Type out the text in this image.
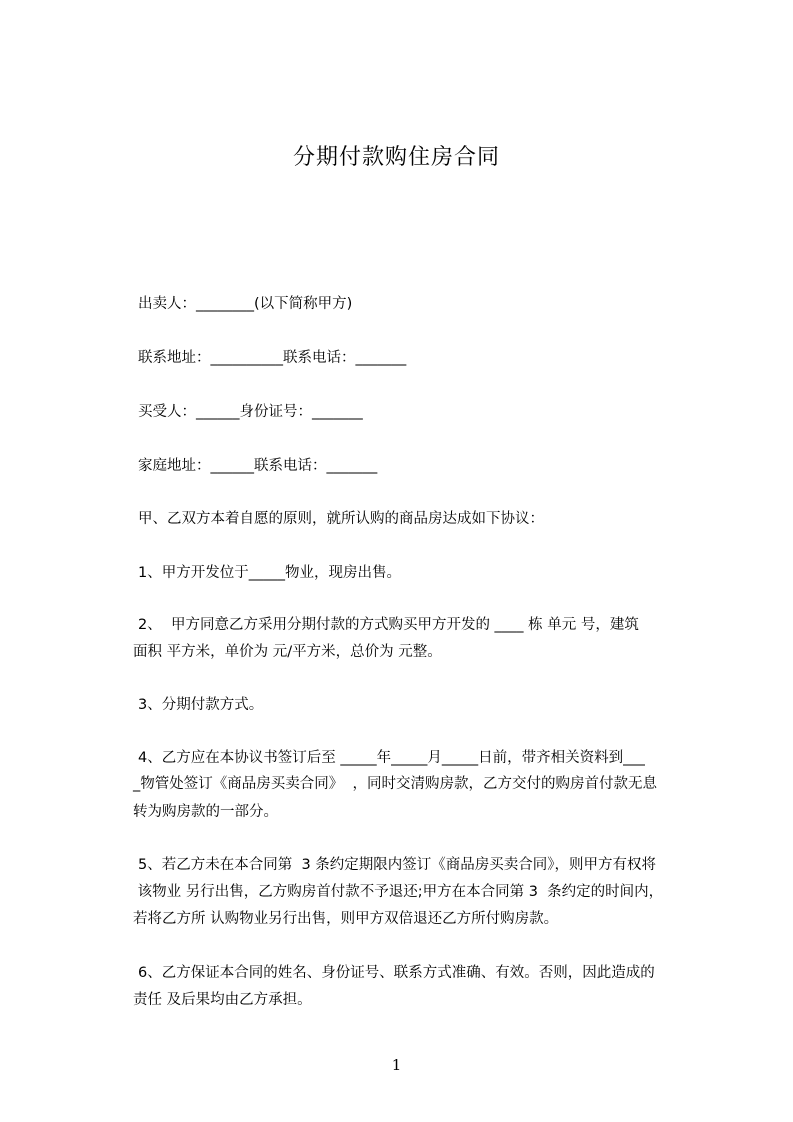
分期付款购住房合同
出卖人：________(以下简称甲方)
联系地址：__________联系电话：_______
买受人：______身份证号：_______
家庭地址：______联系电话：_______
甲、乙双方本着自愿的原则，就所认购的商品房达成如下协议：
1、甲方开发位于_____物业，现房出售。
2、  甲方同意乙方采用分期付款的方式购买甲方开发的 ____ 栋 单元 号，建筑
面积 平方米，单价为 元/平方米，总价为 元整。
3、分期付款方式。
4、乙方应在本协议书签订后至 _____年_____月_____日前，带齐相关资料到___
_物管处签订《商品房买卖合同》  ，同时交清购房款，乙方交付的购房首付款无息
转为购房款的一部分。
5、若乙方未在本合同第  3 条约定期限内签订《商品房买卖合同》，则甲方有权将
该物业 另行出售，乙方购房首付款不予退还;甲方在本合同第 3  条约定的时间内，
若将乙方所 认购物业另行出售，则甲方双倍退还乙方所付购房款。
6、乙方保证本合同的姓名、身份证号、联系方式准确、有效。否则，因此造成的
责任 及后果均由乙方承担。
1
